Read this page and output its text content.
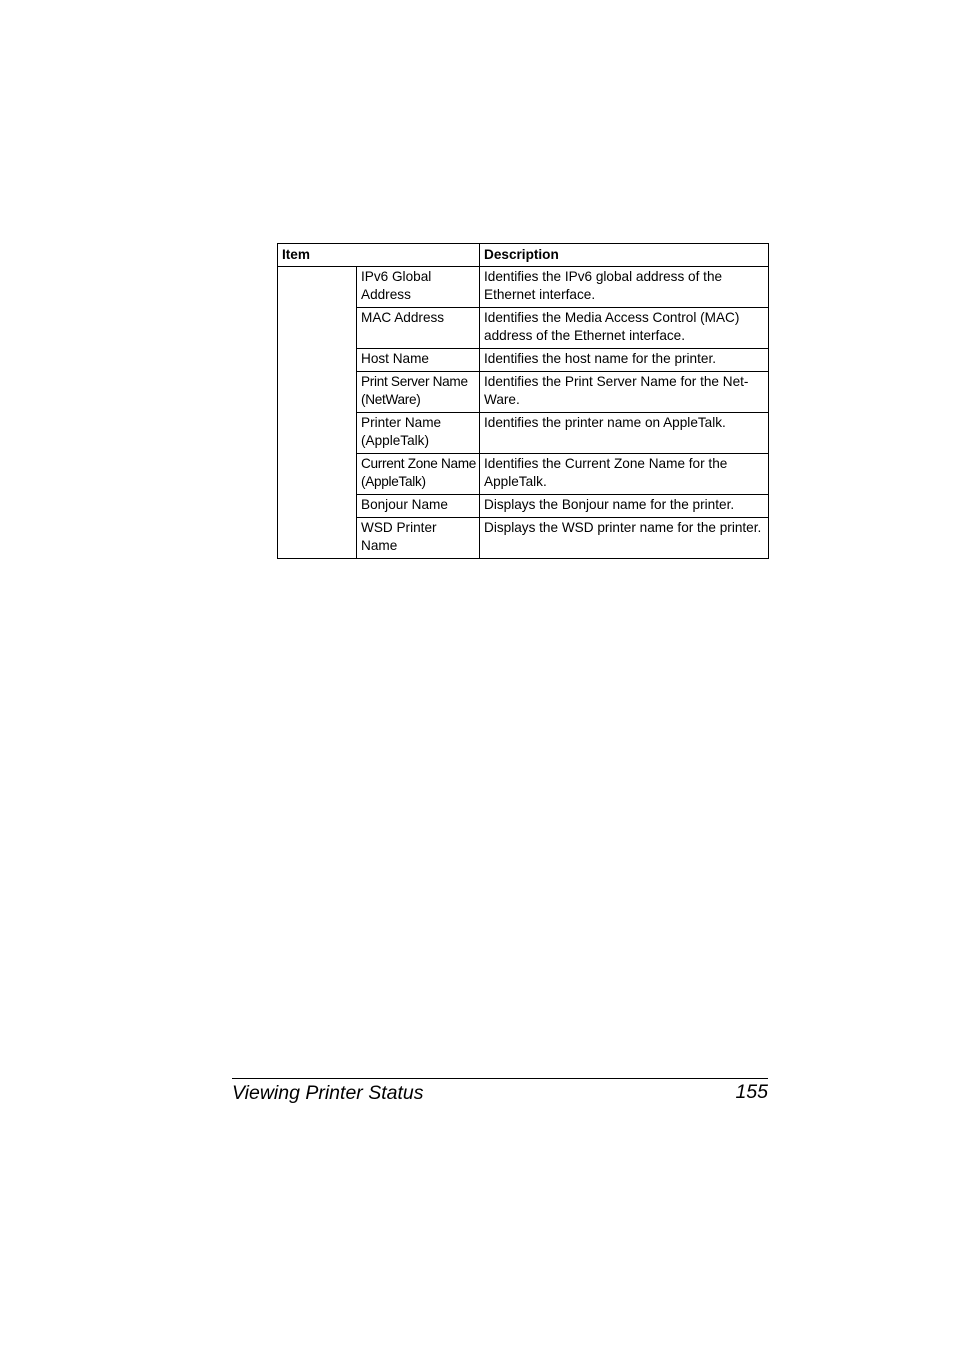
Item		Description
	IPv6 Global Address	Identifies the IPv6 global address of the Ethernet interface.
	MAC Address	Identifies the Media Access Control (MAC) address of the Ethernet interface.
	Host Name	Identifies the host name for the printer.
	Print Server Name (NetWare)	Identifies the Print Server Name for the Net-Ware.
	Printer Name (AppleTalk)	Identifies the printer name on AppleTalk.
	Current Zone Name (AppleTalk)	Identifies the Current Zone Name for the AppleTalk.
	Bonjour Name	Displays the Bonjour name for the printer.
	WSD Printer Name	Displays the WSD printer name for the printer.
Viewing Printer Status	155
